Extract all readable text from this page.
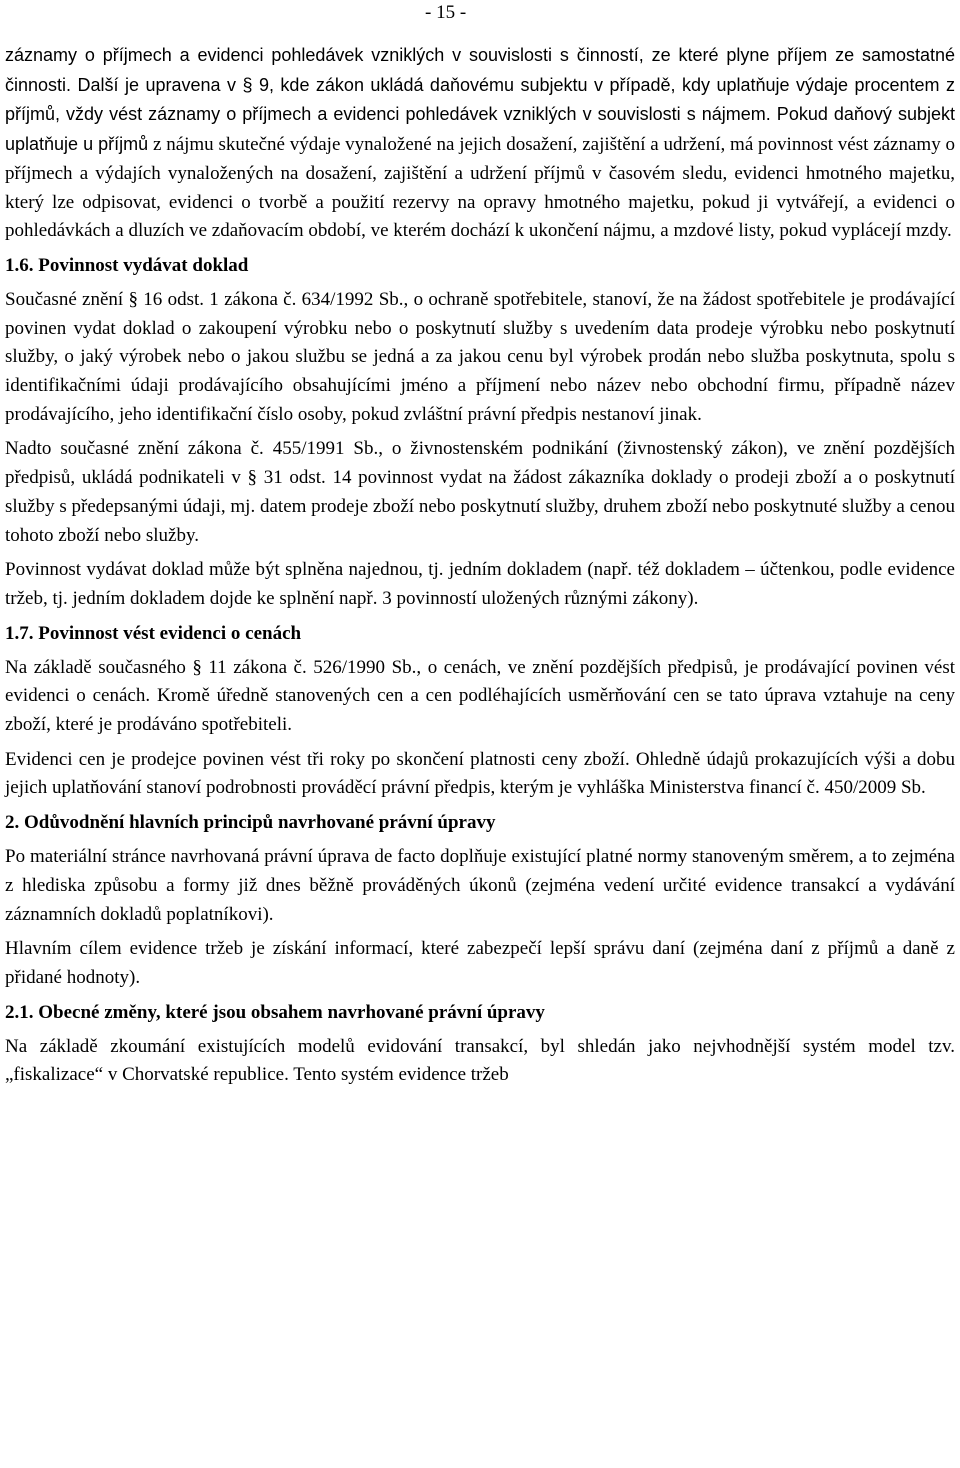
- 15 -

záznamy o příjmech a evidenci pohledávek vzniklých v souvislosti s činností, ze které plyne příjem ze samostatné činnosti. Další je upravena v § 9, kde zákon ukládá daňovému subjektu v případě, kdy uplatňuje výdaje procentem z příjmů, vždy vést záznamy o příjmech a evidenci pohledávek vzniklých v souvislosti s nájmem. Pokud daňový subjekt uplatňuje u příjmů z nájmu skutečné výdaje vynaložené na jejich dosažení, zajištění a udržení, má povinnost vést záznamy o příjmech a výdajích vynaložených na dosažení, zajištění a udržení příjmů v časovém sledu, evidenci hmotného majetku, který lze odpisovat, evidenci o tvorbě a použití rezervy na opravy hmotného majetku, pokud ji vytvářejí, a evidenci o pohledávkách a dluzích ve zdaňovacím období, ve kterém dochází k ukončení nájmu, a mzdové listy, pokud vyplácejí mzdy.

1.6. Povinnost vydávat doklad

Současné znění § 16 odst. 1 zákona č. 634/1992 Sb., o ochraně spotřebitele, stanoví, že na žádost spotřebitele je prodávající povinen vydat doklad o zakoupení výrobku nebo o poskytnutí služby s uvedením data prodeje výrobku nebo poskytnutí služby, o jaký výrobek nebo o jakou službu se jedná a za jakou cenu byl výrobek prodán nebo služba poskytnuta, spolu s identifikačními údaji prodávajícího obsahujícími jméno a příjmení nebo název nebo obchodní firmu, případně název prodávajícího, jeho identifikační číslo osoby, pokud zvláštní právní předpis nestanoví jinak.

Nadto současné znění zákona č. 455/1991 Sb., o živnostenském podnikání (živnostenský zákon), ve znění pozdějších předpisů, ukládá podnikateli v § 31 odst. 14 povinnost vydat na žádost zákazníka doklady o prodeji zboží a o poskytnutí služby s předepsanými údaji, mj. datem prodeje zboží nebo poskytnutí služby, druhem zboží nebo poskytnuté služby a cenou tohoto zboží nebo služby.

Povinnost vydávat doklad může být splněna najednou, tj. jedním dokladem (např. též dokladem – účtenkou, podle evidence tržeb, tj. jedním dokladem dojde ke splnění např. 3 povinností uložených různými zákony).

1.7. Povinnost vést evidenci o cenách

Na základě současného § 11 zákona č. 526/1990 Sb., o cenách, ve znění pozdějších předpisů, je prodávající povinen vést evidenci o cenách. Kromě úředně stanovených cen a cen podléhajících usměrňování cen se tato úprava vztahuje na ceny zboží, které je prodáváno spotřebiteli.

Evidenci cen je prodejce povinen vést tři roky po skončení platnosti ceny zboží. Ohledně údajů prokazujících výši a dobu jejich uplatňování stanoví podrobnosti prováděcí právní předpis, kterým je vyhláška Ministerstva financí č. 450/2009 Sb.

2. Odůvodnění hlavních principů navrhované právní úpravy

Po materiální stránce navrhovaná právní úprava de facto doplňuje existující platné normy stanoveným směrem, a to zejména z hlediska způsobu a formy již dnes běžně prováděných úkonů (zejména vedení určité evidence transakcí a vydávání záznamních dokladů poplatníkovi).

Hlavním cílem evidence tržeb je získání informací, které zabezpečí lepší správu daní (zejména daní z příjmů a daně z přidané hodnoty).

2.1. Obecné změny, které jsou obsahem navrhované právní úpravy

Na základě zkoumání existujících modelů evidování transakcí, byl shledán jako nejvhodnější systém model tzv. „fiskalizace“ v Chorvatské republice. Tento systém evidence tržeb
